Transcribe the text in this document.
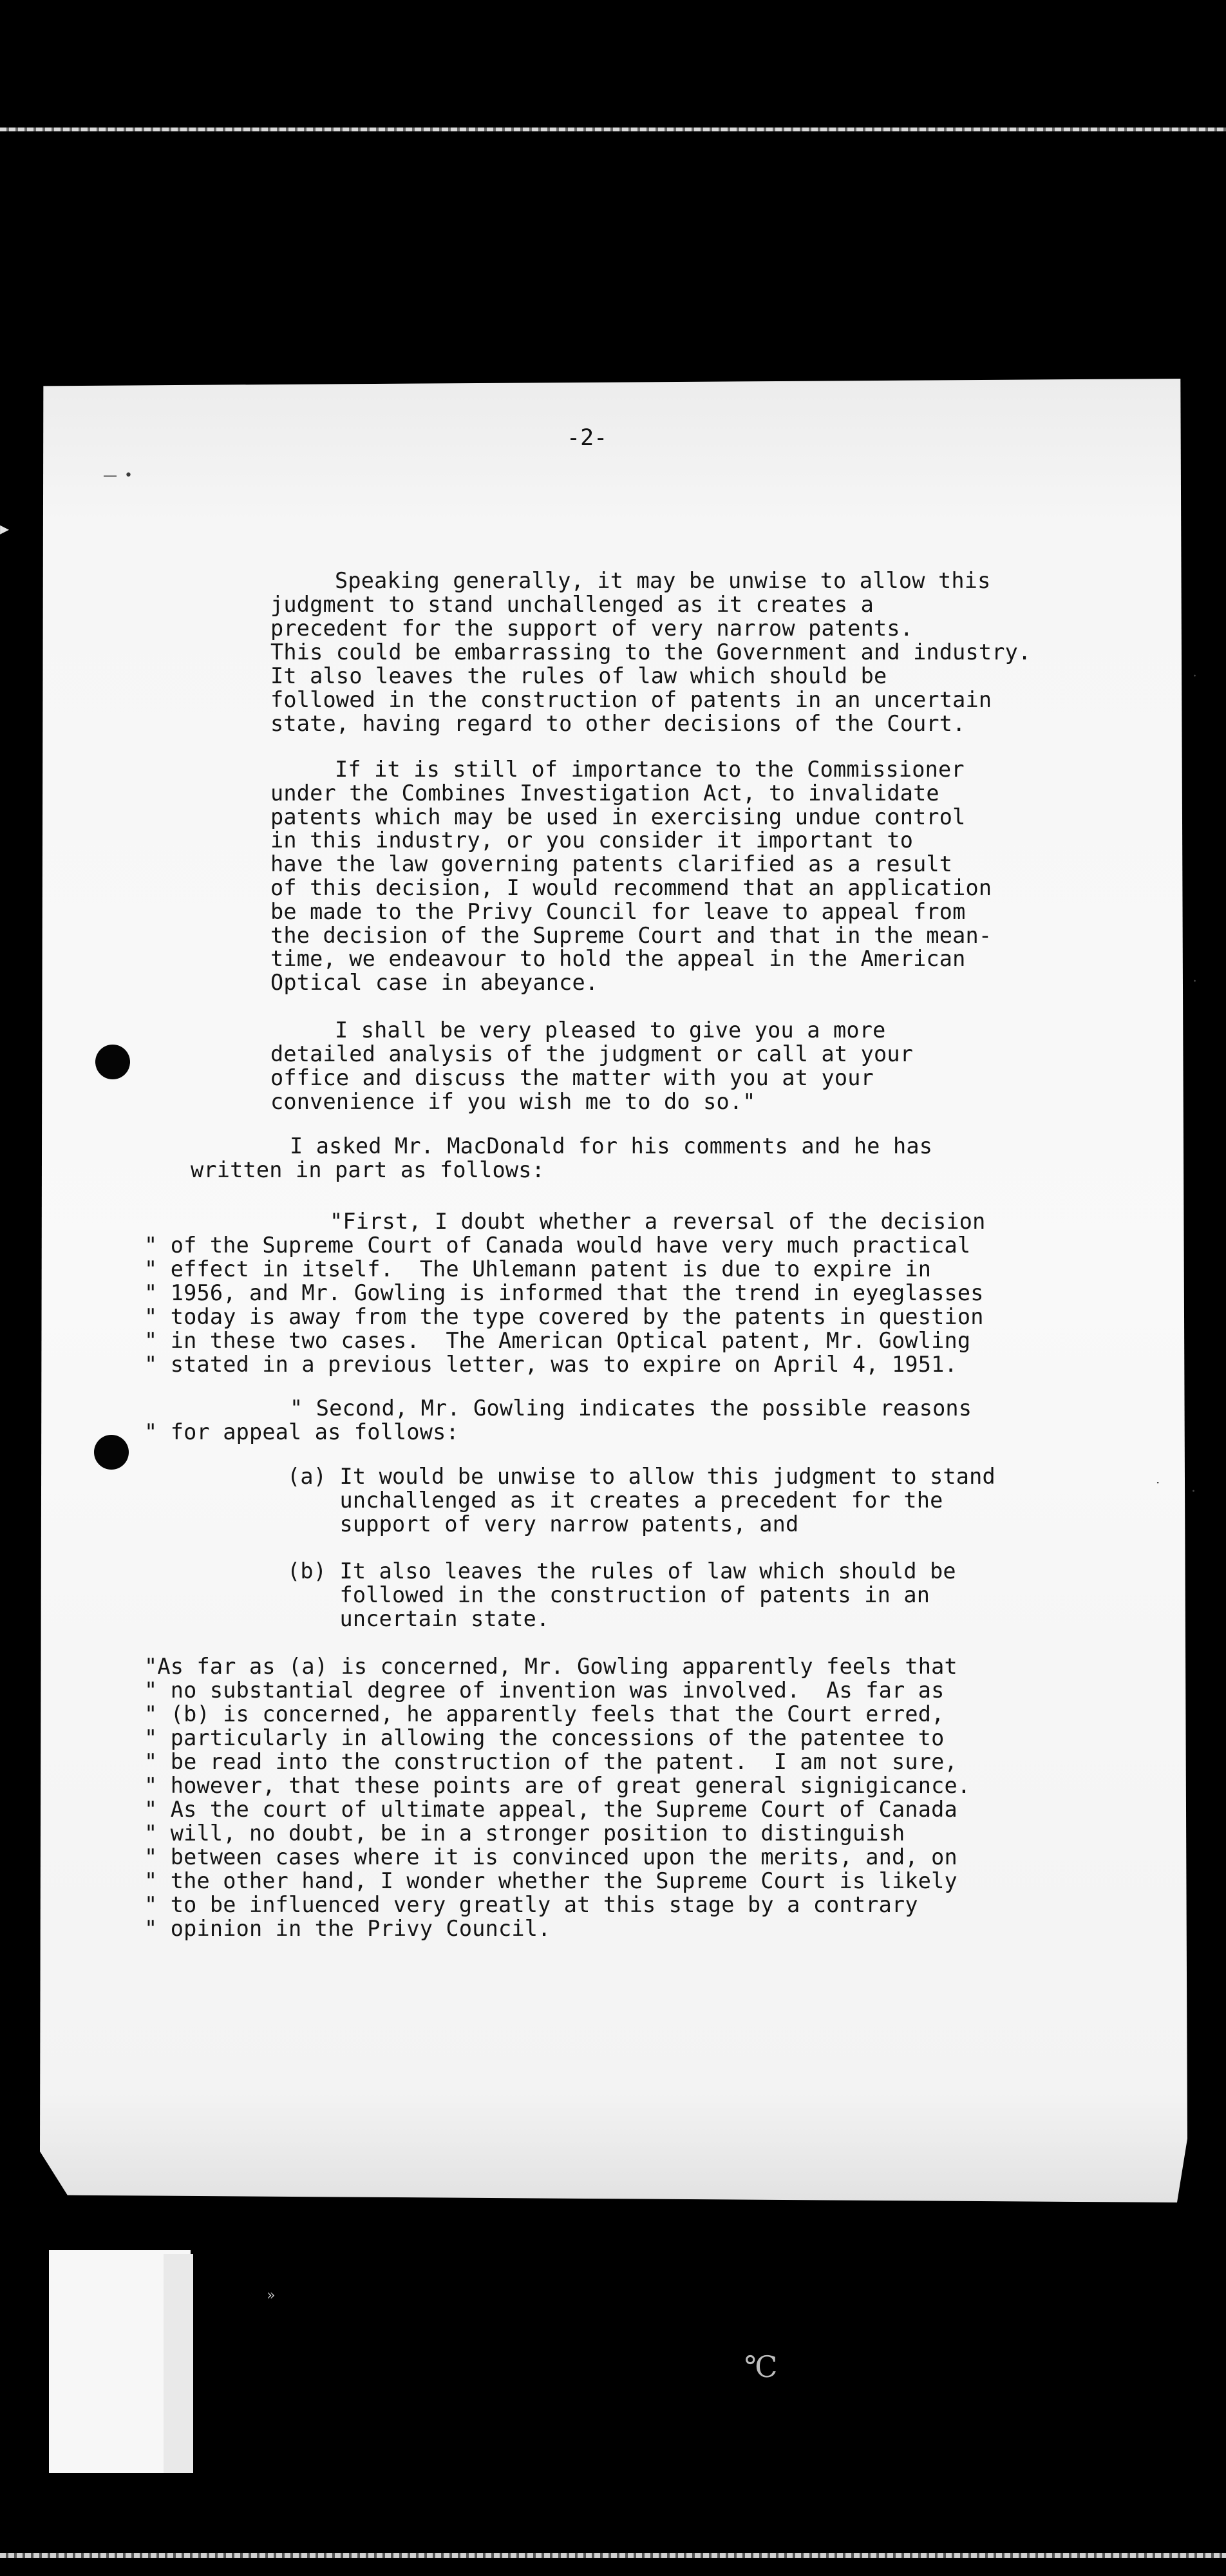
▸
— •
»
℃
·
·
·
·
-2-
Speaking generally, it may be unwise to allow this
judgment to stand unchallenged as it creates a
precedent for the support of very narrow patents.
This could be embarrassing to the Government and industry.
It also leaves the rules of law which should be
followed in the construction of patents in an uncertain
state, having regard to other decisions of the Court.
If it is still of importance to the Commissioner
under the Combines Investigation Act, to invalidate
patents which may be used in exercising undue control
in this industry, or you consider it important to
have the law governing patents clarified as a result
of this decision, I would recommend that an application
be made to the Privy Council for leave to appeal from
the decision of the Supreme Court and that in the mean-
time, we endeavour to hold the appeal in the American
Optical case in abeyance.
I shall be very pleased to give you a more
detailed analysis of the judgment or call at your
office and discuss the matter with you at your
convenience if you wish me to do so."
I asked Mr. MacDonald for his comments and he has
written in part as follows:
"First, I doubt whether a reversal of the decision
" of the Supreme Court of Canada would have very much practical
" effect in itself.  The Uhlemann patent is due to expire in
" 1956, and Mr. Gowling is informed that the trend in eyeglasses
" today is away from the type covered by the patents in question
" in these two cases.  The American Optical patent, Mr. Gowling
" stated in a previous letter, was to expire on April 4, 1951.
" Second, Mr. Gowling indicates the possible reasons
" for appeal as follows:
(a) It would be unwise to allow this judgment to stand
unchallenged as it creates a precedent for the
support of very narrow patents, and
(b) It also leaves the rules of law which should be
followed in the construction of patents in an
uncertain state.
"As far as (a) is concerned, Mr. Gowling apparently feels that
" no substantial degree of invention was involved.  As far as
" (b) is concerned, he apparently feels that the Court erred,
" particularly in allowing the concessions of the patentee to
" be read into the construction of the patent.  I am not sure,
" however, that these points are of great general signigicance.
" As the court of ultimate appeal, the Supreme Court of Canada
" will, no doubt, be in a stronger position to distinguish
" between cases where it is convinced upon the merits, and, on
" the other hand, I wonder whether the Supreme Court is likely
" to be influenced very greatly at this stage by a contrary
" opinion in the Privy Council.
